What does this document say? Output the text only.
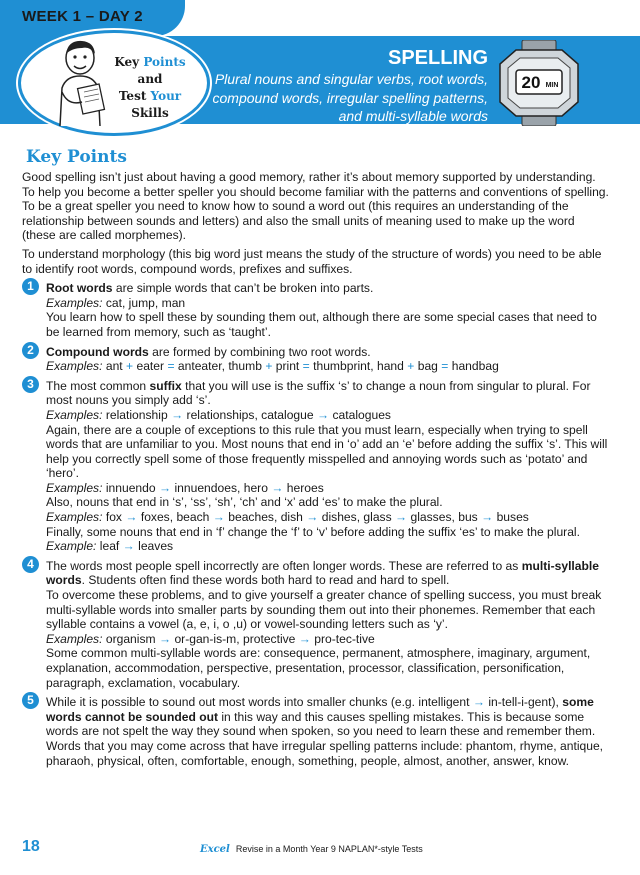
WEEK 1 – DAY 2
Key Points
and
Test Your
Skills
SPELLING
Plural nouns and singular verbs, root words,
compound words, irregular spelling patterns,
and multi-syllable words
20 MIN
Key Points

Good spelling isn’t just about having a good memory, rather it’s about memory supported by understanding. To help you become a better speller you should become familiar with the patterns and conventions of spelling. To be a great speller you need to know how to sound a word out (this requires an understanding of the relationship between sounds and letters) and also the small units of meaning used to make up the word (these are called morphemes).

To understand morphology (this big word just means the study of the structure of words) you need to be able to identify root words, compound words, prefixes and suffixes.

1	Root words are simple words that can’t be broken into parts.

Examples: cat, jump, man

You learn how to spell these by sounding them out, although there are some special cases that need to be learned from memory, such as ‘taught’.

2	Compound words are formed by combining two root words.

Examples: ant + eater = anteater, thumb + print = thumbprint, hand + bag = handbag

3	The most common suffix that you will use is the suffix ‘s’ to change a noun from singular to plural. For most nouns you simply add ‘s’.

Examples: relationship → relationships, catalogue → catalogues

Again, there are a couple of exceptions to this rule that you must learn, especially when trying to spell words that are unfamiliar to you. Most nouns that end in ‘o’ add an ‘e’ before adding the suffix ‘s’. This will help you correctly spell some of those frequently misspelled and annoying words such as ‘potato’ and ‘hero’.

Examples: innuendo → innuendoes, hero → heroes

Also, nouns that end in ‘s’, ‘ss’, ‘sh’, ‘ch’ and ‘x’ add ‘es’ to make the plural.

Examples: fox → foxes, beach → beaches, dish → dishes, glass → glasses, bus → buses

Finally, some nouns that end in ‘f’ change the ‘f’ to ‘v’ before adding the suffix ‘es’ to make the plural.

Example: leaf → leaves

4	The words most people spell incorrectly are often longer words. These are referred to as multi-syllable words. Students often find these words both hard to read and hard to spell.

To overcome these problems, and to give yourself a greater chance of spelling success, you must break multi-syllable words into smaller parts by sounding them out into their phonemes. Remember that each syllable contains a vowel (a, e, i, o ,u) or vowel-sounding letters such as ‘y’.

Examples: organism → or-gan-is-m, protective → pro-tec-tive

Some common multi-syllable words are: consequence, permanent, atmosphere, imaginary, argument, explanation, accommodation, perspective, presentation, processor, classification, personification, paragraph, exclamation, vocabulary.

5	While it is possible to sound out most words into smaller chunks (e.g. intelligent → in-tell-i-gent), some words cannot be sounded out in this way and this causes spelling mistakes. This is because some words are not spelt the way they sound when spoken, so you need to learn these and remember them.

Words that you may come across that have irregular spelling patterns include: phantom, rhyme, antique, pharaoh, physical, often, comfortable, enough, something, people, almost, another, answer, know.

18	Excel Revise in a Month Year 9 NAPLAN*-style Tests
